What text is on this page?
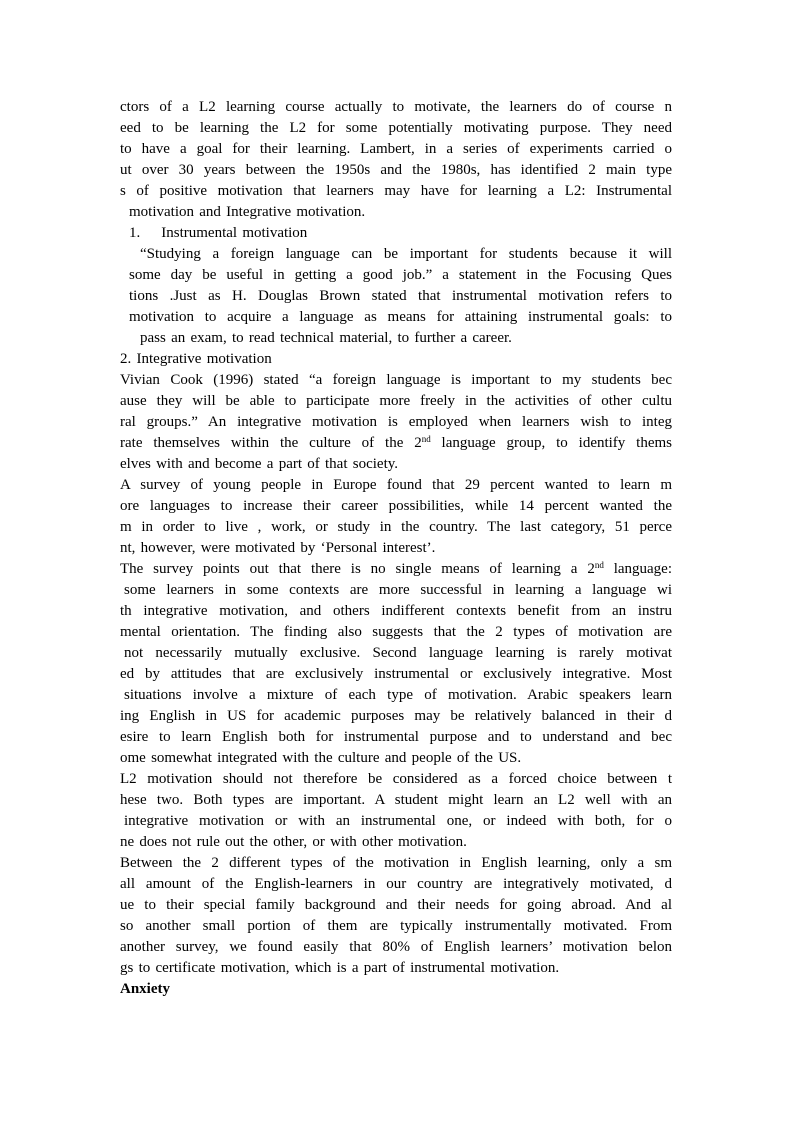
ctors of a L2 learning course actually to motivate, the learners do of course n
eed to be learning the L2 for some potentially motivating purpose. They need
to have a goal for their learning. Lambert, in a series of experiments carried o
ut over 30 years between the 1950s and the 1980s, has identified 2 main type
s of positive motivation that learners may have for learning a L2: Instrumental
motivation and Integrative motivation.
1.    Instrumental motivation
“Studying a foreign language can be important for students because it will
some day be useful in getting a good job.” a statement in the Focusing Ques
tions .Just as H. Douglas Brown stated that instrumental motivation refers to
motivation to acquire a language as means for attaining instrumental goals: to
pass an exam, to read technical material, to further a career.
2. Integrative motivation
Vivian Cook (1996) stated “a foreign language is important to my students bec
ause they will be able to participate more freely in the activities of other cultu
ral groups.” An integrative motivation is employed when learners wish to integ
rate themselves within the culture of the 2nd language group, to identify thems
elves with and become a part of that society.
A survey of young people in Europe found that 29 percent wanted to learn m
ore languages to increase their career possibilities, while 14 percent wanted the
m in order to live , work, or study in the country. The last category, 51 perce
nt, however, were motivated by ‘Personal interest’.
The survey points out that there is no single means of learning a 2nd language:
some learners in some contexts are more successful in learning a language wi
th integrative motivation, and others indifferent contexts benefit from an instru
mental orientation. The finding also suggests that the 2 types of motivation are
not necessarily mutually exclusive. Second language learning is rarely motivat
ed by attitudes that are exclusively instrumental or exclusively integrative. Most
situations involve a mixture of each type of motivation. Arabic speakers learn
ing English in US for academic purposes may be relatively balanced in their d
esire to learn English both for instrumental purpose and to understand and bec
ome somewhat integrated with the culture and people of the US.
L2 motivation should not therefore be considered as a forced choice between t
hese two. Both types are important. A student might learn an L2 well with an
integrative motivation or with an instrumental one, or indeed with both, for o
ne does not rule out the other, or with other motivation.
Between the 2 different types of the motivation in English learning, only a sm
all amount of the English-learners in our country are integratively motivated, d
ue to their special family background and their needs for going abroad. And al
so another small portion of them are typically instrumentally motivated. From
another survey, we found easily that 80% of English learners’ motivation belon
gs to certificate motivation, which is a part of instrumental motivation.
Anxiety
